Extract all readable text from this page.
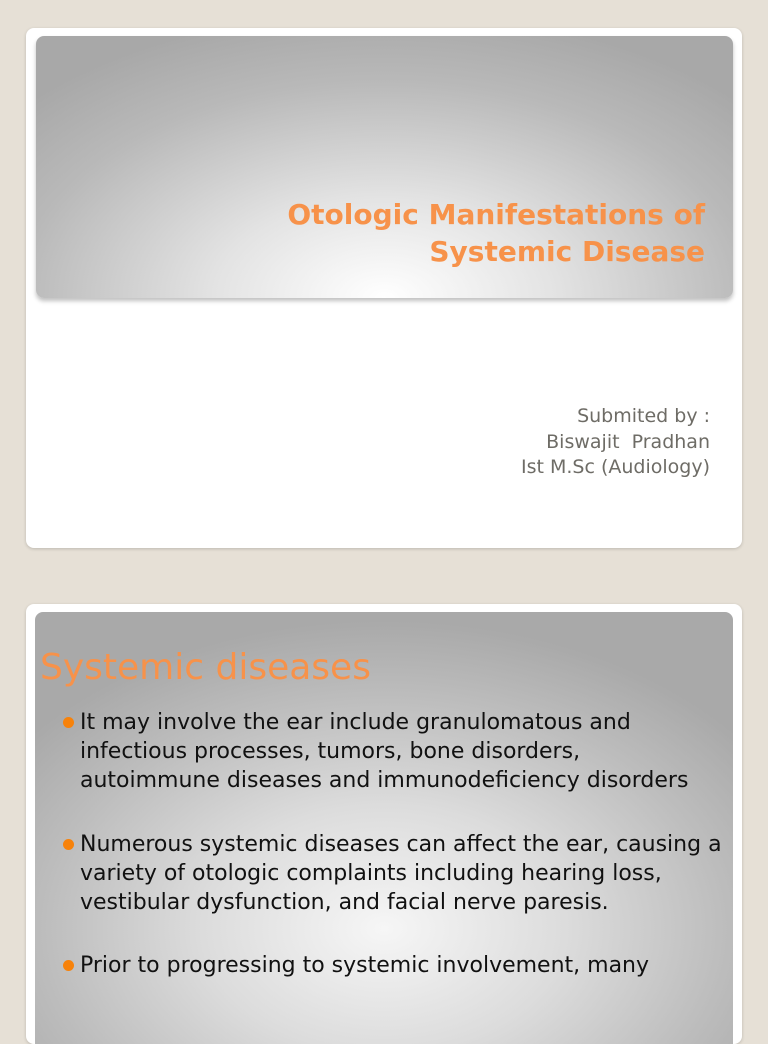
Otologic Manifestations of
Systemic Disease
Submited by :
Biswajit  Pradhan
Ist M.Sc (Audiology)
Systemic diseases
It may involve the ear include granulomatous and infectious processes, tumors, bone disorders, autoimmune diseases and immunodeficiency disorders
Numerous systemic diseases can affect the ear, causing a variety of otologic complaints including hearing loss, vestibular dysfunction, and facial nerve paresis.
Prior to progressing to systemic involvement, many
